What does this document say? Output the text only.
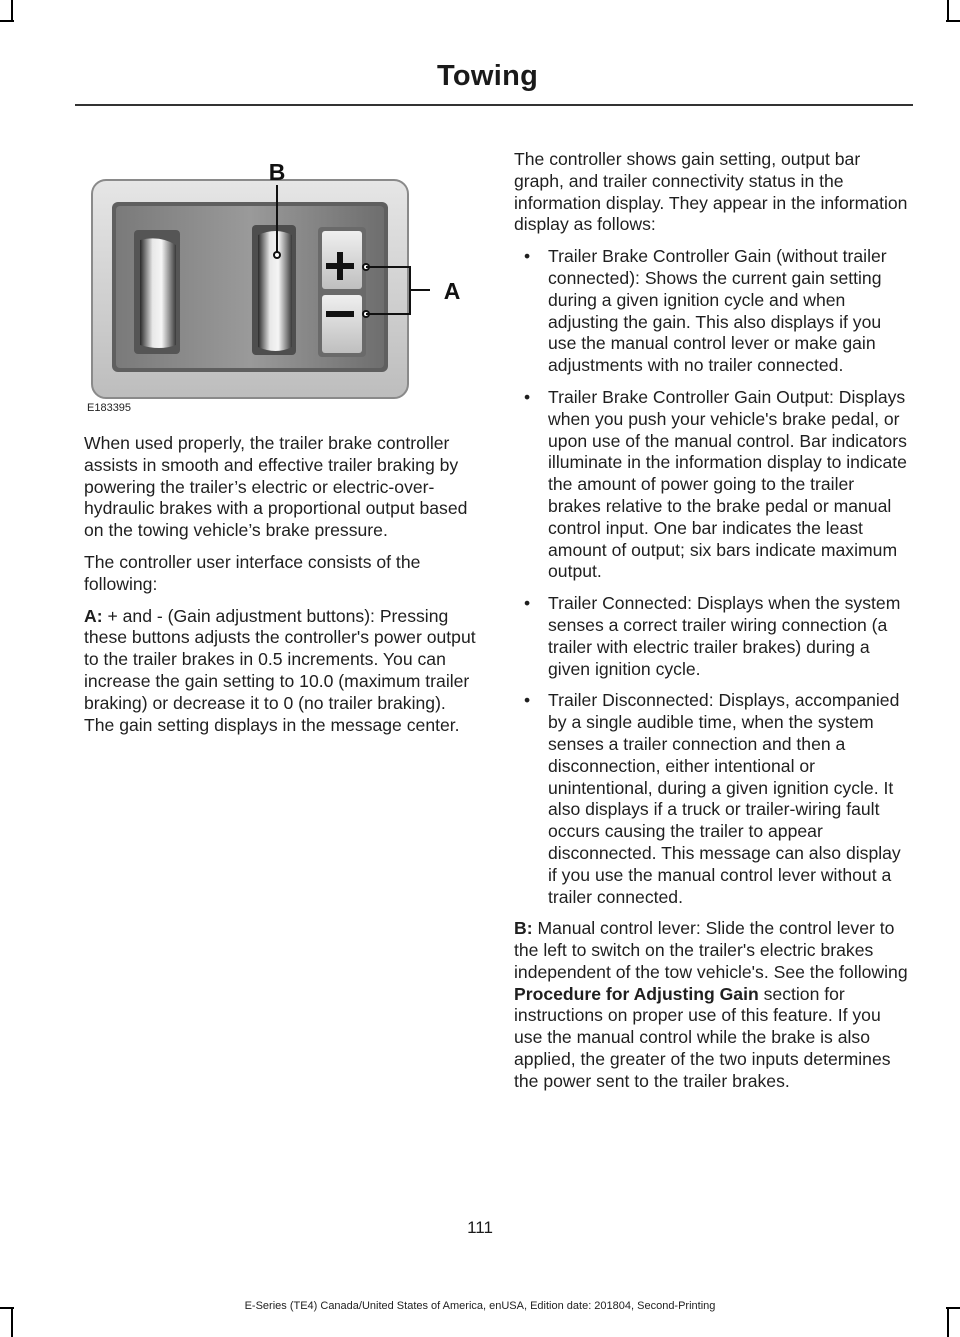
Towing
B
A
E183395

When used properly, the trailer brake controller assists in smooth and effective trailer braking by powering the trailer’s electric or electric-over-hydraulic brakes with a proportional output based on the towing vehicle’s brake pressure.

The controller user interface consists of the following:

A: + and - (Gain adjustment buttons): Pressing these buttons adjusts the controller's power output to the trailer brakes in 0.5 increments. You can increase the gain setting to 10.0 (maximum trailer braking) or decrease it to 0 (no trailer braking). The gain setting displays in the message center.

The controller shows gain setting, output bar graph, and trailer connectivity status in the information display. They appear in the information display as follows:

• Trailer Brake Controller Gain (without trailer connected): Shows the current gain setting during a given ignition cycle and when adjusting the gain. This also displays if you use the manual control lever or make gain adjustments with no trailer connected.
• Trailer Brake Controller Gain Output: Displays when you push your vehicle's brake pedal, or upon use of the manual control. Bar indicators illuminate in the information display to indicate the amount of power going to the trailer brakes relative to the brake pedal or manual control input. One bar indicates the least amount of output; six bars indicate maximum output.
• Trailer Connected: Displays when the system senses a correct trailer wiring connection (a trailer with electric trailer brakes) during a given ignition cycle.
• Trailer Disconnected: Displays, accompanied by a single audible time, when the system senses a trailer connection and then a disconnection, either intentional or unintentional, during a given ignition cycle. It also displays if a truck or trailer-wiring fault occurs causing the trailer to appear disconnected. This message can also display if you use the manual control lever without a trailer connected.

B: Manual control lever: Slide the control lever to the left to switch on the trailer's electric brakes independent of the tow vehicle's. See the following Procedure for Adjusting Gain section for instructions on proper use of this feature. If you use the manual control while the brake is also applied, the greater of the two inputs determines the power sent to the trailer brakes.

111
E-Series (TE4) Canada/United States of America, enUSA, Edition date: 201804, Second-Printing
